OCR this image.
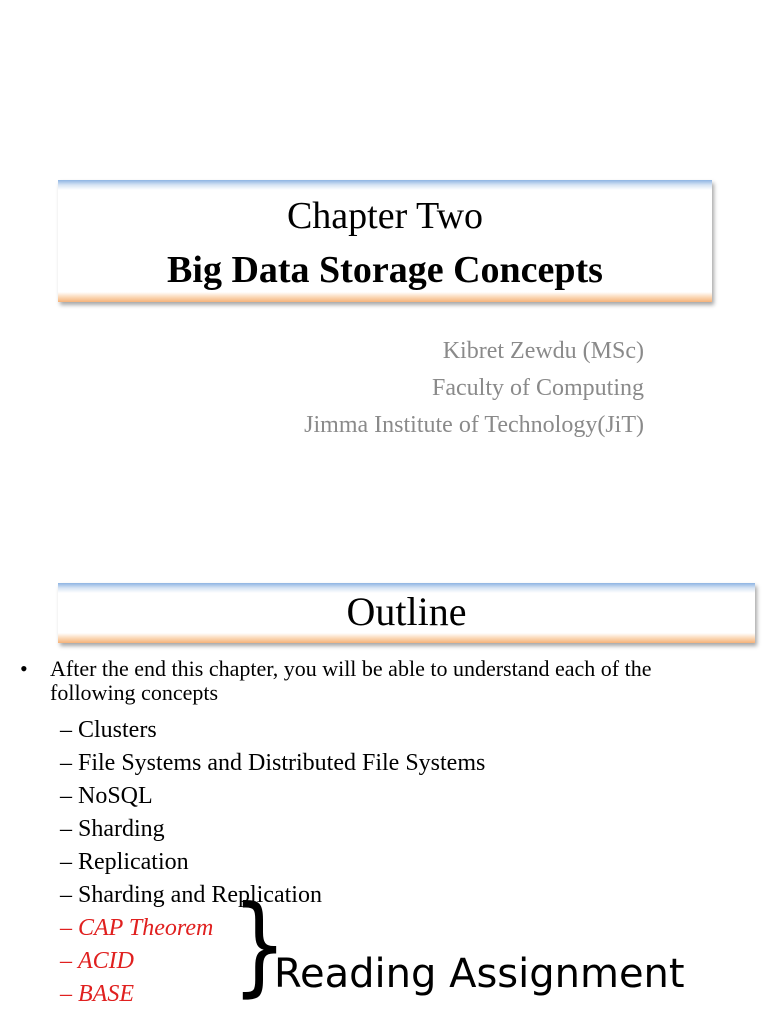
Chapter Two
Big Data Storage Concepts
Kibret Zewdu (MSc)
Faculty of Computing
Jimma Institute of Technology(JiT)
Outline
• After the end this chapter, you will be able to understand each of the following concepts
– Clusters
– File Systems and Distributed File Systems
– NoSQL
– Sharding
– Replication
– Sharding and Replication
– CAP Theorem
– ACID
– BASE }
Reading Assignment
